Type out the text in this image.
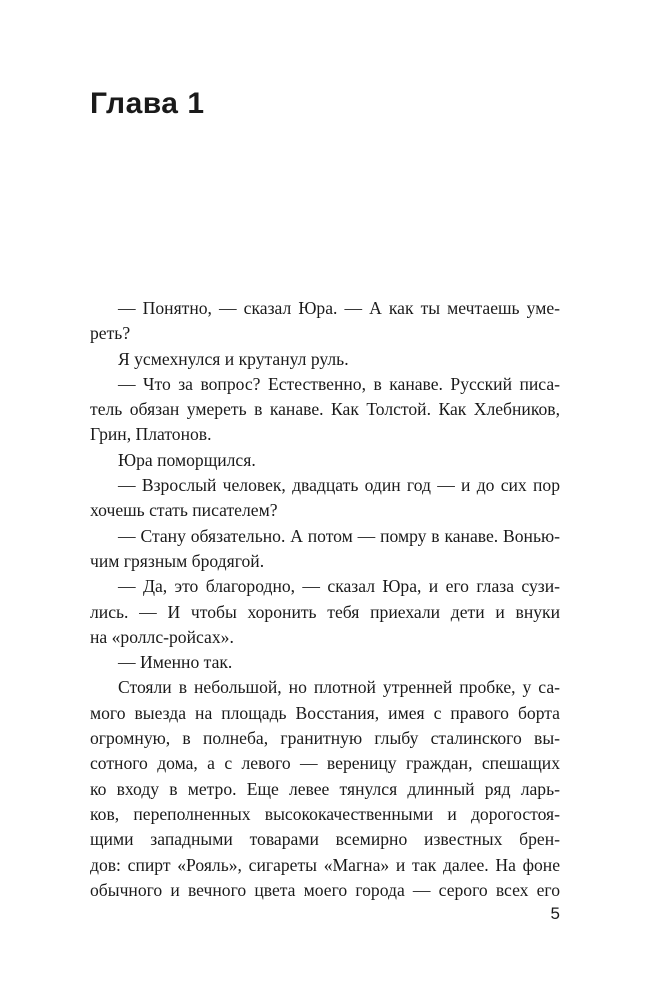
Глава 1
— Понятно, — сказал Юра. — А как ты мечтаешь уме-
реть?
Я усмехнулся и крутанул руль.
— Что за вопрос? Естественно, в канаве. Русский писа-
тель обязан умереть в канаве. Как Толстой. Как Хлебников,
Грин, Платонов.
Юра поморщился.
— Взрослый человек, двадцать один год — и до сих пор
хочешь стать писателем?
— Стану обязательно. А потом — помру в канаве. Вонью-
чим грязным бродягой.
— Да, это благородно, — сказал Юра, и его глаза сузи-
лись. — И чтобы хоронить тебя приехали дети и внуки
на «роллс-ройсах».
— Именно так.
Стояли в небольшой, но плотной утренней пробке, у са-
мого выезда на площадь Восстания, имея с правого борта
огромную, в полнеба, гранитную глыбу сталинского вы-
сотного дома, а с левого — вереницу граждан, спешащих
ко входу в метро. Еще левее тянулся длинный ряд ларь-
ков, переполненных высококачественными и дорогостоя-
щими западными товарами всемирно известных брен-
дов: спирт «Рояль», сигареты «Магна» и так далее. На фоне
обычного и вечного цвета моего города — серого всех его
5
